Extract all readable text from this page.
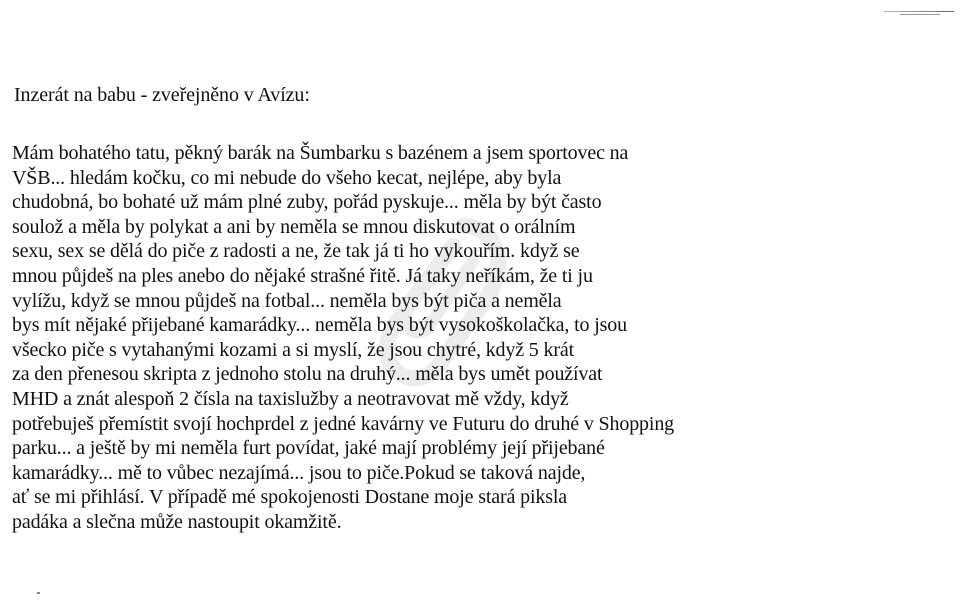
Inzerát na babu - zveřejněno v Avízu:
Mám bohatého tatu, pěkný barák na Šumbarku s bazénem a jsem sportovec na
VŠB... hledám kočku, co mi nebude do všeho kecat, nejlépe, aby byla
chudobná, bo bohaté už mám plné zuby, pořád pyskuje... měla by být často
soulož a měla by polykat a ani by neměla se mnou diskutovat o orálním
sexu, sex se dělá do piče z radosti a ne, že tak já ti ho vykouřím. když se
mnou půjdeš na ples anebo do nějaké strašné řitě. Já taky neříkám, že ti ju
vylížu, když se mnou půjdeš na fotbal... neměla bys být piča a neměla
bys mít nějaké přijebané kamarádky... neměla bys být vysokoškolačka, to jsou
všecko piče s vytahanými kozami a si myslí, že jsou chytré, když 5 krát
za den přenesou skripta z jednoho stolu na druhý... měla bys umět používat
MHD a znát alespoň 2 čísla na taxislužby a neotravovat mě vždy, když
potřebuješ přemístit svojí hochprdel z jedné kavárny ve Futuru do druhé v Shopping
parku... a ještě by mi neměla furt povídat, jaké mají problémy její přijebané
kamarádky... mě to vůbec nezajímá... jsou to piče.Pokud se taková najde,
ať se mi přihlásí. V případě mé spokojenosti Dostane moje stará piksla
padáka a slečna může nastoupit okamžitě.
